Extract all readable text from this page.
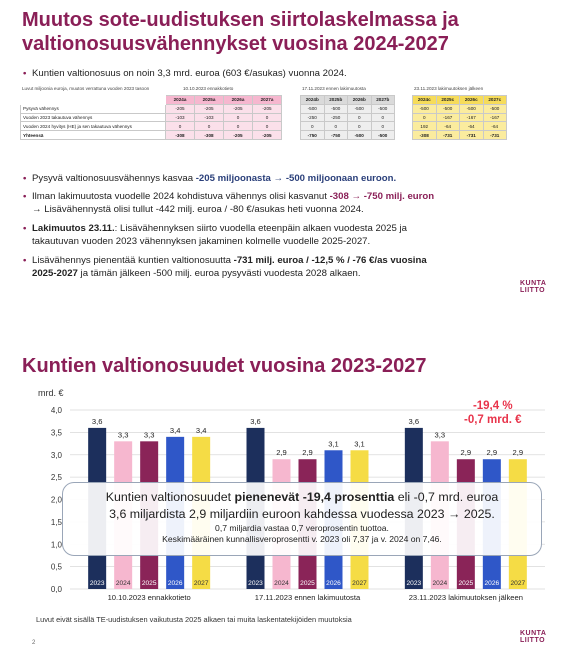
Muutos sote-uudistuksen siirtolaskelmassa ja
valtionosuusvähennykset vuosina 2024-2027
• Kuntien valtionosuus on noin 3,3 mrd. euroa (603 €/asukas) vuonna 2024.
Luvut miljoonia euroja, muutos verrattuna vuoden 2023 tasoon	10.10.2023 ennakkotieto	17.11.2023 ennen lakimuutosta	23.11.2023 lakimuutoksen jälkeen
	2024a	2025a	2026a	2027a
Pysyvä vähennys	-205	-205	-205	-205
Vuoden 2023 takautuva vähennys	-103	-103	0	0
Vuoden 2024 hyvitys (HE) ja sen takautuva vähennys	0	0	0	0
Yhteensä	-308	-308	-205	-205
2024b	2025b	2026b	2027b
-500	-500	-500	-500
-250	-250	0	0
0	0	0	0
-750	-750	-500	-500
2024c	2025c	2026c	2027c
-500	-500	-500	-500
0	-167	-167	-167
192	-64	-64	-64
-308	-731	-731	-731
• Pysyvä valtionosuusvähennys kasvaa -205 miljoonasta → -500 miljoonaan euroon.
• Ilman lakimuutosta vuodelle 2024 kohdistuva vähennys olisi kasvanut -308 → -750 milj. euron
→ Lisävähennystä olisi tullut -442 milj. euroa / -80 €/asukas heti vuonna 2024.
• Lakimuutos 23.11.: Lisävähennyksen siirto vuodella eteenpäin alkaen vuodesta 2025 ja
takautuvan vuoden 2023 vähennyksen jakaminen kolmelle vuodelle 2025-2027.
• Lisävähennys pienentää kuntien valtionosuutta -731 milj. euroa / -12,5 % / -76 €/as vuosina
2025-2027 ja tämän jälkeen -500 milj. euroa pysyvästi vuodesta 2028 alkaen.
KUNTA
LIITTO
Kuntien valtionosuudet vuosina 2023-2027
mrd. €
0,0
0,5
1,0
1,5
2,0
2,5
3,0
3,5
4,0
3,6
2023
3,3
2024
3,3
2025
3,4
2026
3,4
2027
10.10.2023 ennakkotieto
3,6
2023
2,9
2024
2,9
2025
3,1
2026
3,1
2027
17.11.2023 ennen lakimuutosta
3,6
2023
3,3
2024
2,9
2025
2,9
2026
2,9
2027
23.11.2023 lakimuutoksen jälkeen
Kuntien valtionosuudet pienenevät -19,4 prosenttia eli -0,7 mrd. euroa
3,6 miljardista 2,9 miljardiin euroon kahdessa vuodessa 2023 → 2025.
0,7 miljardia vastaa 0,7 veroprosentin tuottoa.
Keskimääräinen kunnallisveroprosentti v. 2023 oli 7,37 ja v. 2024 on 7,46.
-19,4 %
-0,7 mrd. €
Luvut eivät sisällä TE-uudistuksen vaikutusta 2025 alkaen tai muita laskentatekijöiden muutoksia
2
KUNTA
LIITTO
